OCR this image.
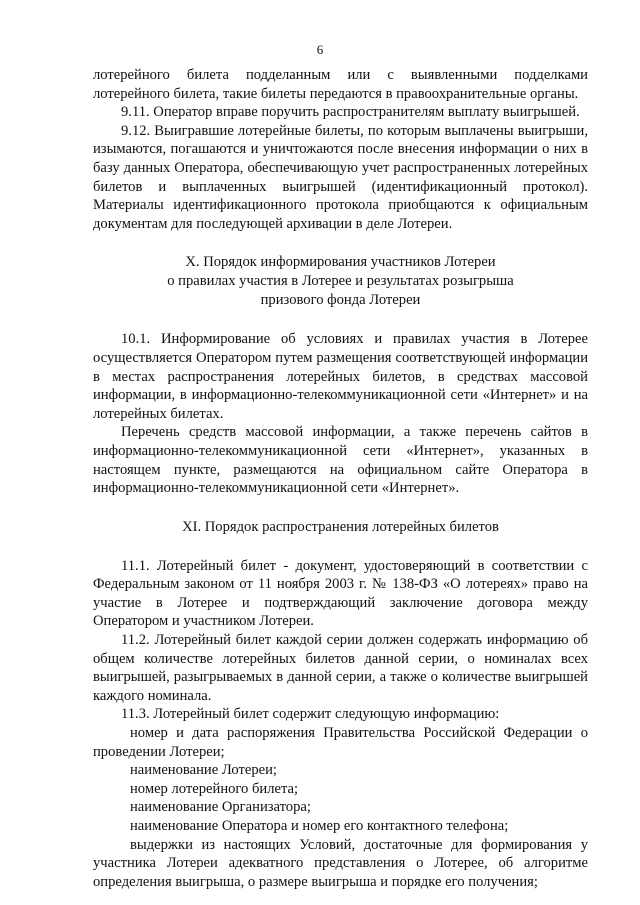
6

лотерейного билета подделанным или с выявленными подделками лотерейного билета, такие билеты передаются в правоохранительные органы.

9.11. Оператор вправе поручить распространителям выплату выигрышей.

9.12. Выигравшие лотерейные билеты, по которым выплачены выигрыши, изымаются, погашаются и уничтожаются после внесения информации о них в базу данных Оператора, обеспечивающую учет распространенных лотерейных билетов и выплаченных выигрышей (идентификационный протокол). Материалы идентификационного протокола приобщаются к официальным документам для последующей архивации в деле Лотереи.

X. Порядок информирования участников Лотереи
о правилах участия в Лотерее и результатах розыгрыша
призового фонда Лотереи

10.1. Информирование об условиях и правилах участия в Лотерее осуществляется Оператором путем размещения соответствующей информации в местах распространения лотерейных билетов, в средствах массовой информации, в информационно-телекоммуникационной сети «Интернет» и на лотерейных билетах.

Перечень средств массовой информации, а также перечень сайтов в информационно-телекоммуникационной сети «Интернет», указанных в настоящем пункте, размещаются на официальном сайте Оператора в информационно-телекоммуникационной сети «Интернет».

XI. Порядок распространения лотерейных билетов

11.1. Лотерейный билет - документ, удостоверяющий в соответствии с Федеральным законом от 11 ноября 2003 г. № 138-ФЗ «О лотереях» право на участие в Лотерее и подтверждающий заключение договора между Оператором и участником Лотереи.

11.2. Лотерейный билет каждой серии должен содержать информацию об общем количестве лотерейных билетов данной серии, о номиналах всех выигрышей, разыгрываемых в данной серии, а также о количестве выигрышей каждого номинала.

11.3. Лотерейный билет содержит следующую информацию:

номер и дата распоряжения Правительства Российской Федерации о проведении Лотереи;

наименование Лотереи;

номер лотерейного билета;

наименование Организатора;

наименование Оператора и номер его контактного телефона;

выдержки из настоящих Условий, достаточные для формирования у участника Лотереи адекватного представления о Лотерее, об алгоритме определения выигрыша, о размере выигрыша и порядке его получения;
